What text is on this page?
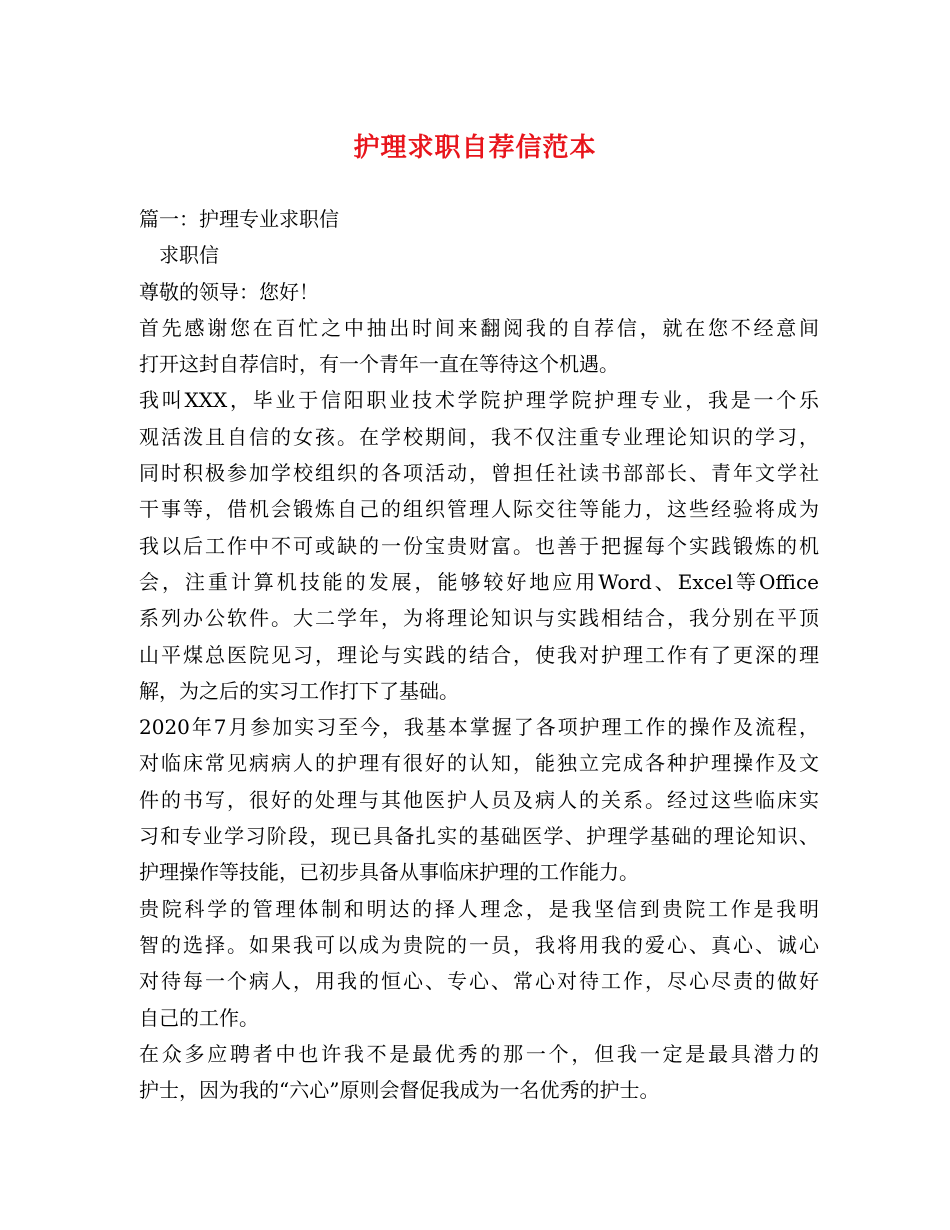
护理求职自荐信范本
篇一：护理专业求职信
　求职信
尊敬的领导：您好！
首先感谢您在百忙之中抽出时间来翻阅我的自荐信，就在您不经意间
打开这封自荐信时，有一个青年一直在等待这个机遇。
我叫XXX，毕业于信阳职业技术学院护理学院护理专业，我是一个乐
观活泼且自信的女孩。在学校期间，我不仅注重专业理论知识的学习，
同时积极参加学校组织的各项活动，曾担任社读书部部长、青年文学社
干事等，借机会锻炼自己的组织管理人际交往等能力，这些经验将成为
我以后工作中不可或缺的一份宝贵财富。也善于把握每个实践锻炼的机
会，注重计算机技能的发展，能够较好地应用Word、Excel等Office
系列办公软件。大二学年，为将理论知识与实践相结合，我分别在平顶
山平煤总医院见习，理论与实践的结合，使我对护理工作有了更深的理
解，为之后的实习工作打下了基础。
2020年7月参加实习至今，我基本掌握了各项护理工作的操作及流程，
对临床常见病病人的护理有很好的认知，能独立完成各种护理操作及文
件的书写，很好的处理与其他医护人员及病人的关系。经过这些临床实
习和专业学习阶段，现已具备扎实的基础医学、护理学基础的理论知识、
护理操作等技能，已初步具备从事临床护理的工作能力。
贵院科学的管理体制和明达的择人理念，是我坚信到贵院工作是我明
智的选择。如果我可以成为贵院的一员，我将用我的爱心、真心、诚心
对待每一个病人，用我的恒心、专心、常心对待工作，尽心尽责的做好
自己的工作。
在众多应聘者中也许我不是最优秀的那一个，但我一定是最具潜力的
护士，因为我的“六心”原则会督促我成为一名优秀的护士。
